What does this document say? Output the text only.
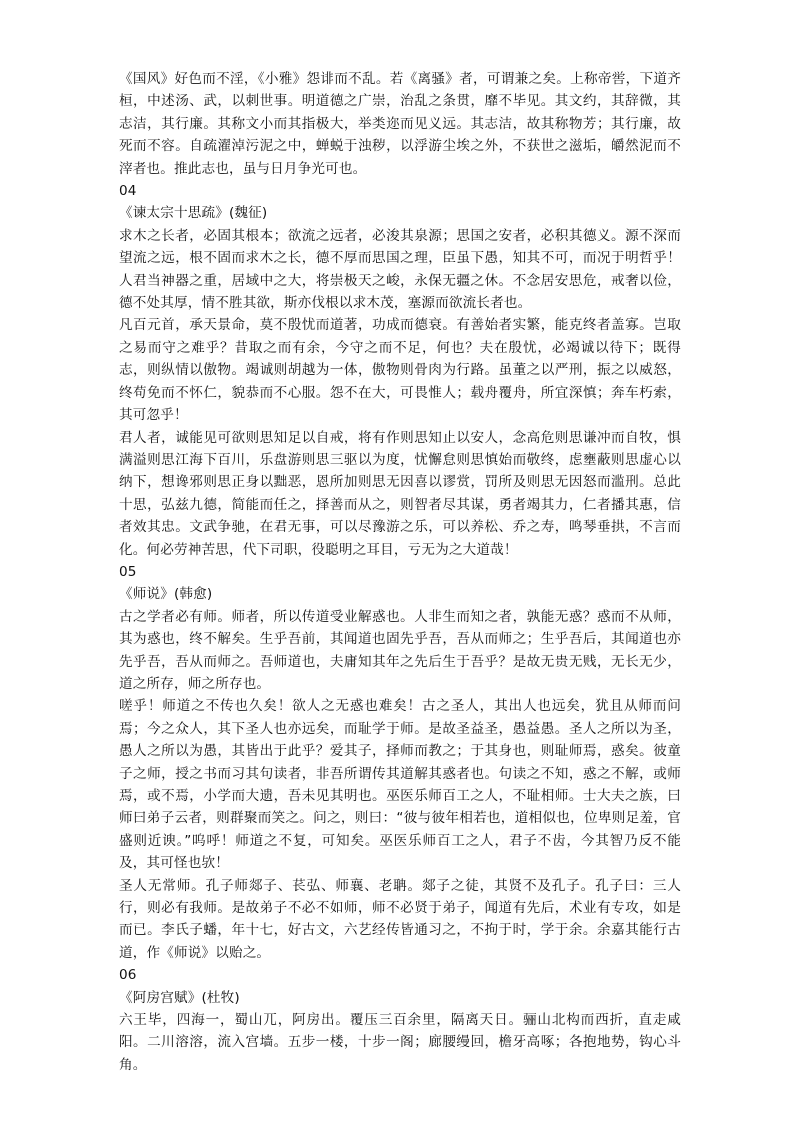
《国风》好色而不淫，《小雅》怨诽而不乱。若《离骚》者，可谓兼之矣。上称帝喾，下道齐桓，中述汤、武，以刺世事。明道德之广崇，治乱之条贯，靡不毕见。其文约，其辞微，其志洁，其行廉。其称文小而其指极大，举类迩而见义远。其志洁，故其称物芳；其行廉，故死而不容。自疏濯淖污泥之中，蝉蜕于浊秽，以浮游尘埃之外，不获世之滋垢，皭然泥而不滓者也。推此志也，虽与日月争光可也。

04

《谏太宗十思疏》(魏征)

求木之长者，必固其根本；欲流之远者，必浚其泉源；思国之安者，必积其德义。源不深而望流之远，根不固而求木之长，德不厚而思国之理，臣虽下愚，知其不可，而况于明哲乎！人君当神器之重，居域中之大，将崇极天之峻，永保无疆之休。不念居安思危，戒奢以俭，德不处其厚，情不胜其欲，斯亦伐根以求木茂，塞源而欲流长者也。

凡百元首，承天景命，莫不殷忧而道著，功成而德衰。有善始者实繁，能克终者盖寡。岂取之易而守之难乎？昔取之而有余，今守之而不足，何也？夫在殷忧，必竭诚以待下；既得志，则纵情以傲物。竭诚则胡越为一体，傲物则骨肉为行路。虽董之以严刑，振之以威怒，终苟免而不怀仁，貌恭而不心服。怨不在大，可畏惟人；载舟覆舟，所宜深慎；奔车朽索，其可忽乎！

君人者，诚能见可欲则思知足以自戒，将有作则思知止以安人，念高危则思谦冲而自牧，惧满溢则思江海下百川，乐盘游则思三驱以为度，忧懈怠则思慎始而敬终，虑壅蔽则思虚心以纳下，想谗邪则思正身以黜恶，恩所加则思无因喜以谬赏，罚所及则思无因怒而滥刑。总此十思，弘兹九德，简能而任之，择善而从之，则智者尽其谋，勇者竭其力，仁者播其惠，信者效其忠。文武争驰，在君无事，可以尽豫游之乐，可以养松、乔之寿，鸣琴垂拱，不言而化。何必劳神苦思，代下司职，役聪明之耳目，亏无为之大道哉！

05

《师说》(韩愈)

古之学者必有师。师者，所以传道受业解惑也。人非生而知之者，孰能无惑？惑而不从师，其为惑也，终不解矣。生乎吾前，其闻道也固先乎吾，吾从而师之；生乎吾后，其闻道也亦先乎吾，吾从而师之。吾师道也，夫庸知其年之先后生于吾乎？是故无贵无贱，无长无少，道之所存，师之所存也。

嗟乎！师道之不传也久矣！欲人之无惑也难矣！古之圣人，其出人也远矣，犹且从师而问焉；今之众人，其下圣人也亦远矣，而耻学于师。是故圣益圣，愚益愚。圣人之所以为圣，愚人之所以为愚，其皆出于此乎？爱其子，择师而教之；于其身也，则耻师焉，惑矣。彼童子之师，授之书而习其句读者，非吾所谓传其道解其惑者也。句读之不知，惑之不解，或师焉，或不焉，小学而大遗，吾未见其明也。巫医乐师百工之人，不耻相师。士大夫之族，曰师曰弟子云者，则群聚而笑之。问之，则曰：“彼与彼年相若也，道相似也，位卑则足羞，官盛则近谀。”呜呼！师道之不复，可知矣。巫医乐师百工之人，君子不齿，今其智乃反不能及，其可怪也欤！

圣人无常师。孔子师郯子、苌弘、师襄、老聃。郯子之徒，其贤不及孔子。孔子曰：三人行，则必有我师。是故弟子不必不如师，师不必贤于弟子，闻道有先后，术业有专攻，如是而已。李氏子蟠，年十七，好古文，六艺经传皆通习之，不拘于时，学于余。余嘉其能行古道，作《师说》以贻之。

06

《阿房宫赋》(杜牧)

六王毕，四海一，蜀山兀，阿房出。覆压三百余里，隔离天日。骊山北构而西折，直走咸阳。二川溶溶，流入宫墙。五步一楼，十步一阁；廊腰缦回，檐牙高啄；各抱地势，钩心斗角。
